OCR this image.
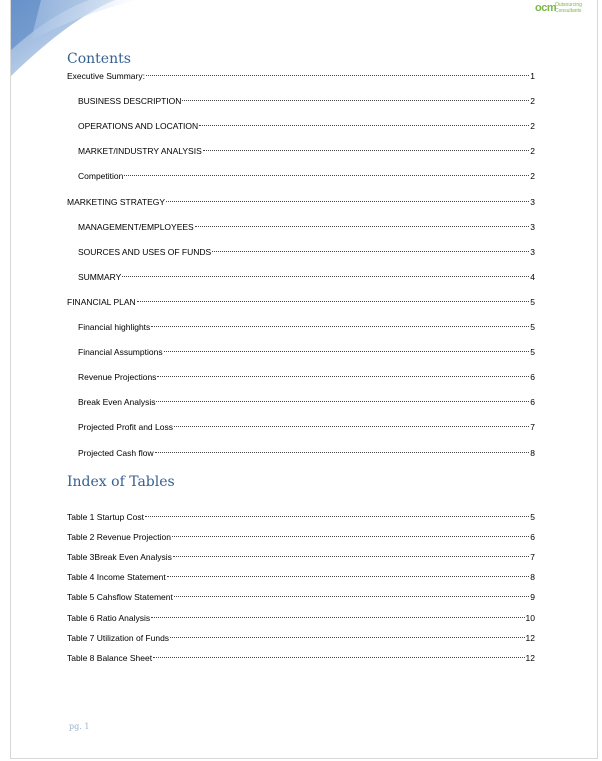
ocm
Outsourcing
Consultants
Contents
Executive Summary:	1
BUSINESS DESCRIPTION	2
OPERATIONS AND LOCATION	2
MARKET/INDUSTRY ANALYSIS	2
Competition	2
MARKETING STRATEGY	3
MANAGEMENT/EMPLOYEES	3
SOURCES AND USES OF FUNDS	3
SUMMARY	4
FINANCIAL PLAN	5
Financial highlights	5
Financial Assumptions	5
Revenue Projections	6
Break Even Analysis	6
Projected Profit and Loss	7
Projected Cash flow	8
Index of Tables
Table 1 Startup Cost	5
Table 2 Revenue Projection	6
Table 3Break Even Analysis	7
Table 4 Income Statement	8
Table 5 Cahsflow Statement	9
Table 6 Ratio Analysis	10
Table 7 Utilization of Funds	12
Table 8 Balance Sheet	12
pg. 1
